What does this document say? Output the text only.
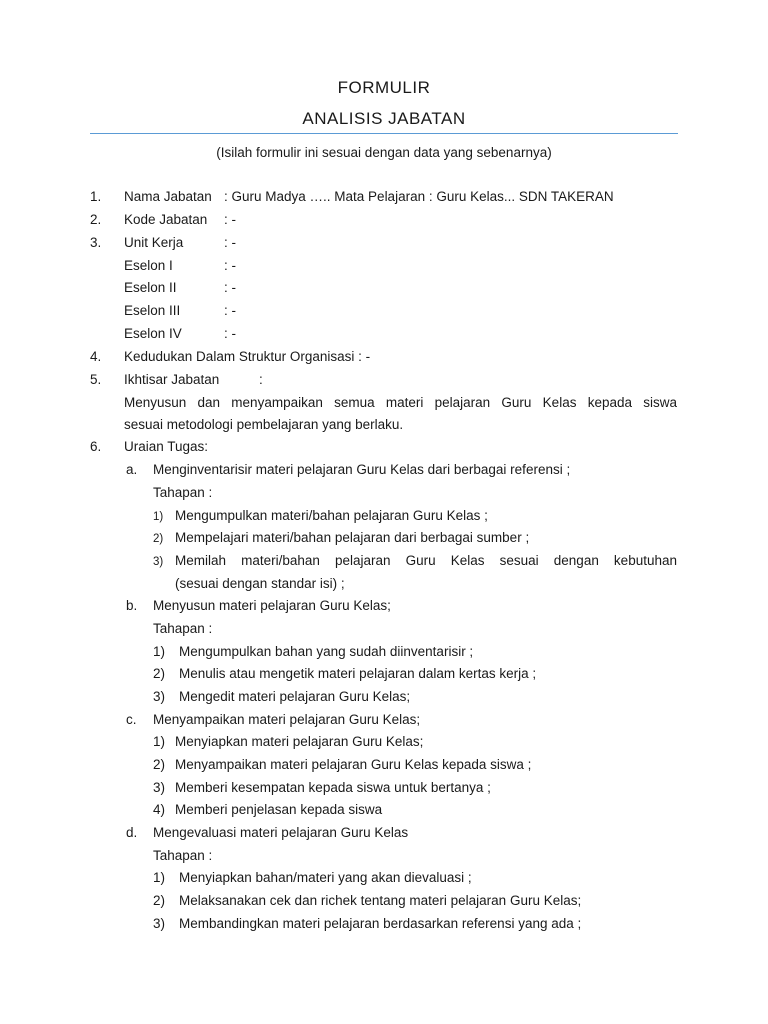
FORMULIR
ANALISIS JABATAN
(Isilah formulir ini sesuai dengan data yang sebenarnya)
1. Nama Jabatan : Guru Madya ….. Mata Pelajaran : Guru Kelas... SDN TAKERAN
2. Kode Jabatan : -
3. Unit Kerja	: -
Eselon I	: -
Eselon II	: -
Eselon III	: -
Eselon IV	: -
4. Kedudukan Dalam Struktur Organisasi : -
5. Ikhtisar Jabatan	:
Menyusun dan menyampaikan semua materi pelajaran Guru Kelas kepada siswa
sesuai metodologi pembelajaran yang berlaku.
6. Uraian Tugas:
a. Menginventarisir materi pelajaran Guru Kelas dari berbagai referensi ;
Tahapan :
1) Mengumpulkan materi/bahan pelajaran Guru Kelas ;
2) Mempelajari materi/bahan pelajaran dari berbagai sumber ;
3) Memilah materi/bahan pelajaran Guru Kelas sesuai dengan kebutuhan
(sesuai dengan standar isi) ;
b. Menyusun materi pelajaran Guru Kelas;
Tahapan :
1) Mengumpulkan bahan yang sudah diinventarisir ;
2) Menulis atau mengetik materi pelajaran dalam kertas kerja ;
3) Mengedit materi pelajaran Guru Kelas;
c. Menyampaikan materi pelajaran Guru Kelas;
1) Menyiapkan materi pelajaran Guru Kelas;
2) Menyampaikan materi pelajaran Guru Kelas kepada siswa ;
3) Memberi kesempatan kepada siswa untuk bertanya ;
4) Memberi penjelasan kepada siswa
d. Mengevaluasi materi pelajaran Guru Kelas
Tahapan :
1) Menyiapkan bahan/materi yang akan dievaluasi ;
2) Melaksanakan cek dan richek tentang materi pelajaran Guru Kelas;
3) Membandingkan materi pelajaran berdasarkan referensi yang ada ;
